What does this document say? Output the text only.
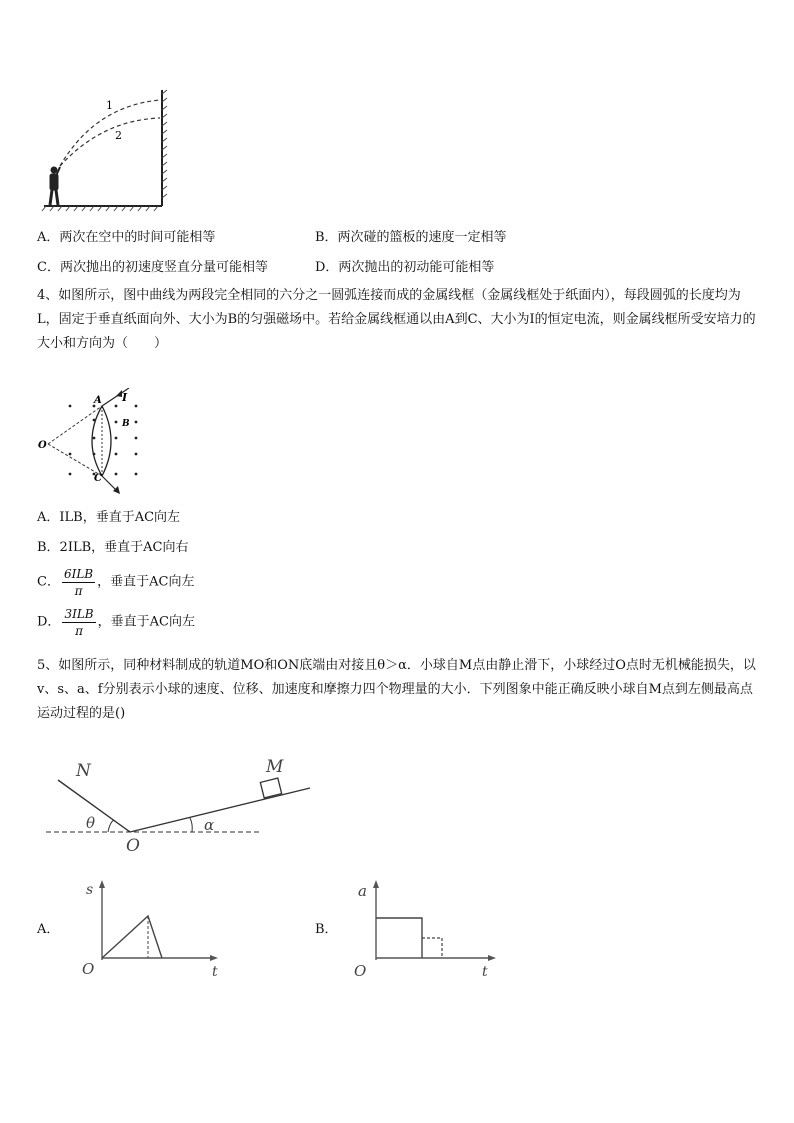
1
2
A．两次在空中的时间可能相等	B．两次碰的篮板的速度一定相等
C．两次抛出的初速度竖直分量可能相等	D．两次抛出的初动能可能相等
4、如图所示，图中曲线为两段完全相同的六分之一圆弧连接而成的金属线框（金属线框处于纸面内），每段圆弧的长度均为L，固定于垂直纸面向外、大小为B的匀强磁场中。若给金属线框通以由A到C、大小为I的恒定电流，则金属线框所受安培力的大小和方向为（　　）
O
A I
B
C
A．ILB，垂直于AC向左
B．2ILB，垂直于AC向右
C． $\frac{\text{6ILB}}{\pi}$ ，垂直于AC向左
D． $\frac{\text{3ILB}}{\pi}$ ，垂直于AC向左
5、如图所示，同种材料制成的轨道MO和ON底端由对接且θ＞α．小球自M点由静止滑下，小球经过O点时无机械能损失，以v、s、a、f分别表示小球的速度、位移、加速度和摩擦力四个物理量的大小．下列图象中能正确反映小球自M点到左侧最高点运动过程的是()
N	M
O
θ	α
A．
s
t
O
B．
a
t
O
